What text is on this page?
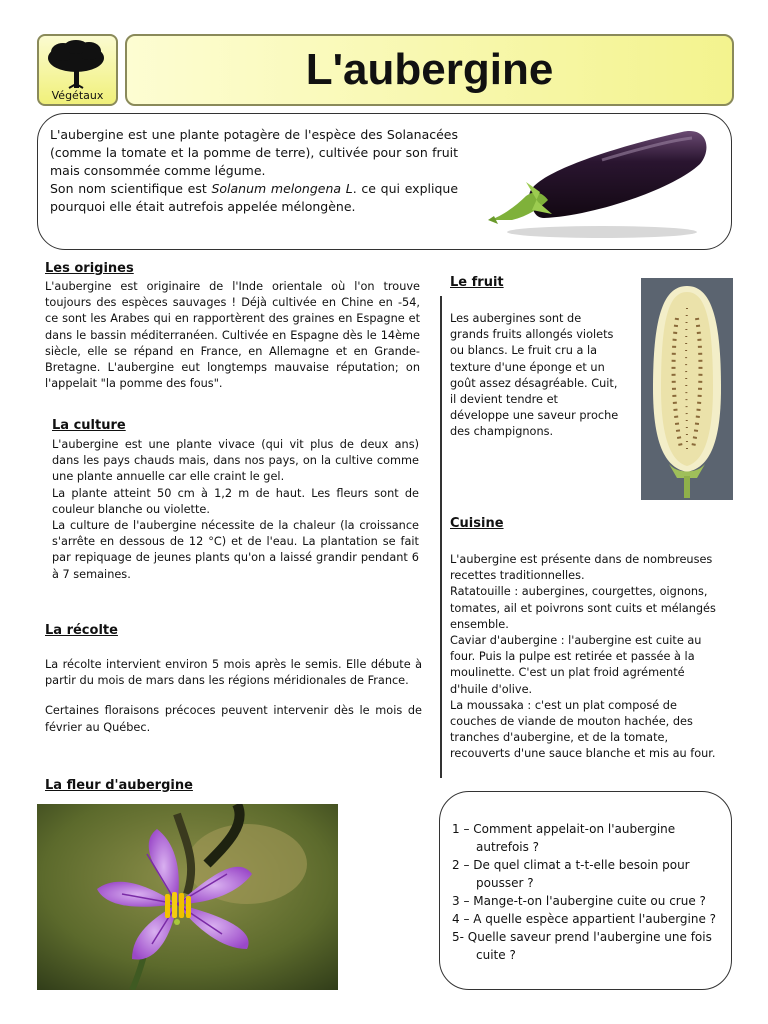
Végétaux
L'aubergine
L'aubergine est une plante potagère de l'espèce des Solanacées (comme la tomate et la pomme de terre), cultivée pour son fruit mais consommée comme légume.
Son nom scientifique est Solanum melongena L. ce qui explique pourquoi elle était autrefois appelée mélongène.
Les origines
L'aubergine est originaire de l'Inde orientale où l'on trouve toujours des espèces sauvages ! Déjà cultivée en Chine en -54, ce sont les Arabes qui en rapportèrent des graines en Espagne et dans le bassin méditerranéen. Cultivée en Espagne dès le 14ème siècle, elle se répand en France, en Allemagne et en Grande-Bretagne. L'aubergine eut longtemps mauvaise réputation; on l'appelait "la pomme des fous".
La culture
L'aubergine est une plante vivace (qui vit plus de deux ans) dans les pays chauds mais, dans nos pays, on la cultive comme une plante annuelle car elle craint le gel.
La plante atteint 50 cm à 1,2 m de haut. Les fleurs sont de couleur blanche ou violette.
La culture de l'aubergine nécessite de la chaleur (la croissance s'arrête en dessous de 12 °C) et de l'eau. La plantation se fait par repiquage de jeunes plants qu'on a laissé grandir pendant 6 à 7 semaines.
La récolte
La récolte intervient environ 5 mois après le semis. Elle débute à partir du mois de mars dans les régions méridionales de France.
Certaines floraisons précoces peuvent intervenir dès le mois de février au Québec.
La fleur d'aubergine
Le fruit
Les aubergines sont de grands fruits allongés violets ou blancs. Le fruit cru a la texture d'une éponge et un goût assez désagréable. Cuit, il devient tendre et développe une saveur proche des champignons.
Cuisine
L'aubergine est présente dans de nombreuses recettes traditionnelles.
Ratatouille : aubergines, courgettes, oignons, tomates, ail et poivrons sont cuits et mélangés ensemble.
Caviar d'aubergine : l'aubergine est cuite au four. Puis la pulpe est retirée et passée à la moulinette. C'est un plat froid agrémenté d'huile d'olive.
La moussaka : c'est un plat composé de couches de viande de mouton hachée, des tranches d'aubergine, et de la tomate, recouverts d'une sauce blanche et mis au four.
1 – Comment appelait-on l'aubergine autrefois ?
2 – De quel climat a t-t-elle besoin pour pousser ?
3 – Mange-t-on l'aubergine cuite ou crue ?
4 – A quelle espèce appartient l'aubergine ?
5- Quelle saveur prend l'aubergine une fois cuite ?
